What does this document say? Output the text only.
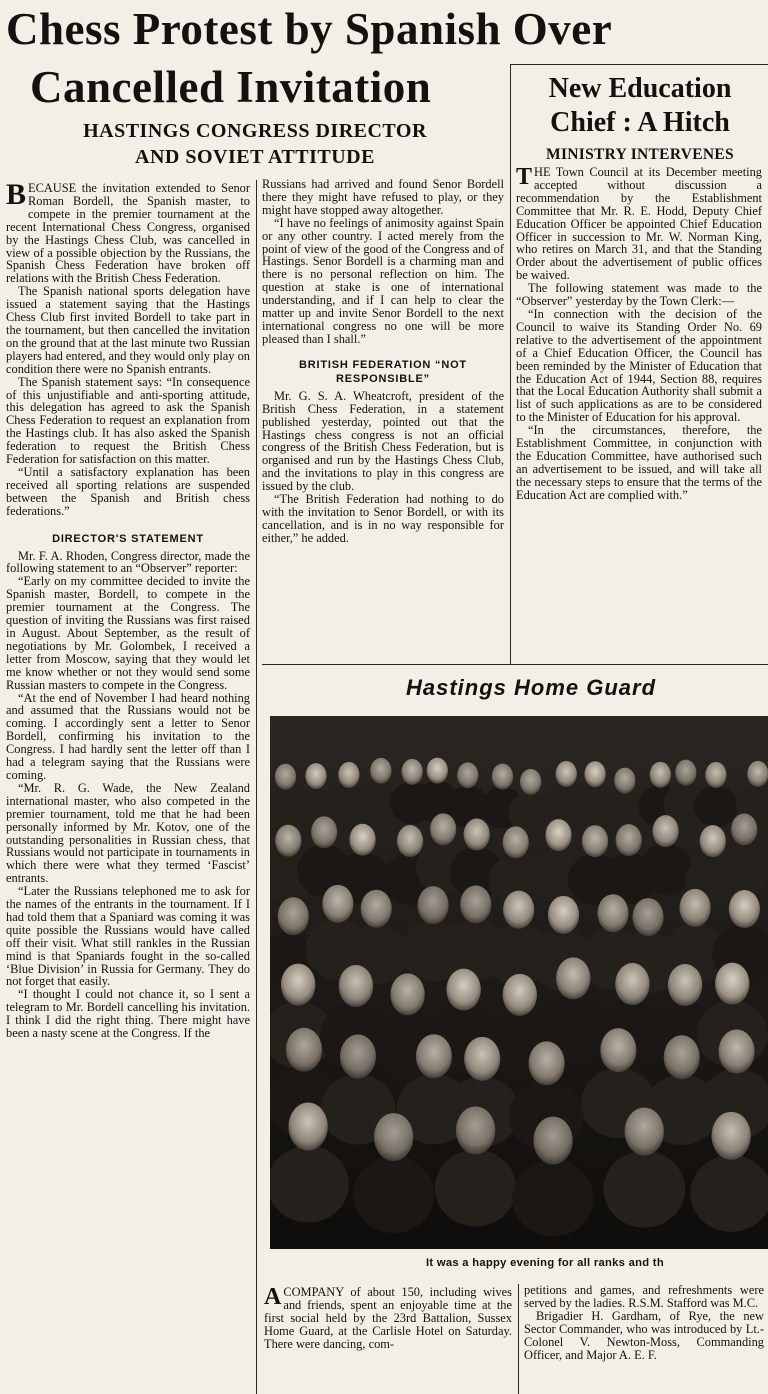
Chess Protest by Spanish Over
Cancelled Invitation
HASTINGS CONGRESS DIRECTOR
AND SOVIET ATTITUDE

BECAUSE the invitation extended to Senor Roman Bordell, the Spanish master, to compete in the premier tournament at the recent International Chess Congress, organised by the Hastings Chess Club, was cancelled in view of a possible objection by the Russians, the Spanish Chess Federation have broken off relations with the British Chess Federation.

The Spanish national sports delegation have issued a statement saying that the Hastings Chess Club first invited Bordell to take part in the tournament, but then cancelled the invitation on the ground that at the last minute two Russian players had entered, and they would only play on condition there were no Spanish entrants.

The Spanish statement says: “In consequence of this unjustifiable and anti-sporting attitude, this delegation has agreed to ask the Spanish Chess Federation to request an explanation from the Hastings club. It has also asked the Spanish federation to request the British Chess Federation for satisfaction on this matter.

“Until a satisfactory explanation has been received all sporting relations are suspended between the Spanish and British chess federations.”

DIRECTOR'S STATEMENT

Mr. F. A. Rhoden, Congress director, made the following statement to an “Observer” reporter:

“Early on my committee decided to invite the Spanish master, Bordell, to compete in the premier tournament at the Congress. The question of inviting the Russians was first raised in August. About September, as the result of negotiations by Mr. Golombek, I received a letter from Moscow, saying that they would let me know whether or not they would send some Russian masters to compete in the Congress.

“At the end of November I had heard nothing and assumed that the Russians would not be coming. I accordingly sent a letter to Senor Bordell, confirming his invitation to the Congress. I had hardly sent the letter off than I had a telegram saying that the Russians were coming.

“Mr. R. G. Wade, the New Zealand international master, who also competed in the premier tournament, told me that he had been personally informed by Mr. Kotov, one of the outstanding personalities in Russian chess, that Russians would not participate in tournaments in which there were what they termed ‘Fascist’ entrants.

“Later the Russians telephoned me to ask for the names of the entrants in the tournament. If I had told them that a Spaniard was coming it was quite possible the Russians would have called off their visit. What still rankles in the Russian mind is that Spaniards fought in the so-called ‘Blue Division’ in Russia for Germany. They do not forget that easily.

“I thought I could not chance it, so I sent a telegram to Mr. Bordell cancelling his invitation. I think I did the right thing. There might have been a nasty scene at the Congress. If the

Russians had arrived and found Senor Bordell there they might have refused to play, or they might have stopped away altogether.

“I have no feelings of animosity against Spain or any other country. I acted merely from the point of view of the good of the Congress and of Hastings. Senor Bordell is a charming man and there is no personal reflection on him. The question at stake is one of international understanding, and if I can help to clear the matter up and invite Senor Bordell to the next international congress no one will be more pleased than I shall.”

BRITISH FEDERATION “NOT RESPONSIBLE”

Mr. G. S. A. Wheatcroft, president of the British Chess Federation, in a statement published yesterday, pointed out that the Hastings chess congress is not an official congress of the British Chess Federation, but is organised and run by the Hastings Chess Club, and the invitations to play in this congress are issued by the club.

“The British Federation had nothing to do with the invitation to Senor Bordell, or with its cancellation, and is in no way responsible for either,” he added.

New Education
Chief : A Hitch
MINISTRY INTERVENES

THE Town Council at its December meeting accepted without discussion a recommendation by the Establishment Committee that Mr. R. E. Hodd, Deputy Chief Education Officer be appointed Chief Education Officer in succession to Mr. W. Norman King, who retires on March 31, and that the Standing Order about the advertisement of public offices be waived.

The following statement was made to the “Observer” yesterday by the Town Clerk:—

“In connection with the decision of the Council to waive its Standing Order No. 69 relative to the advertisement of the appointment of a Chief Education Officer, the Council has been reminded by the Minister of Education that the Education Act of 1944, Section 88, requires that the Local Education Authority shall submit a list of such applications as are to be considered to the Minister of Education for his approval.

“In the circumstances, therefore, the Establishment Committee, in conjunction with the Education Committee, have authorised such an advertisement to be issued, and will take all the necessary steps to ensure that the terms of the Education Act are complied with.”

Hastings Home Guard
It was a happy evening for all ranks and th

ACOMPANY of about 150, including wives and friends, spent an enjoyable time at the first social held by the 23rd Battalion, Sussex Home Guard, at the Carlisle Hotel on Saturday. There were dancing, com-

petitions and games, and refreshments were served by the ladies. R.S.M. Stafford was M.C.

Brigadier H. Gardham, of Rye, the new Sector Commander, who was introduced by Lt.-Colonel V. Newton-Moss, Commanding Officer, and Major A. E. F.
